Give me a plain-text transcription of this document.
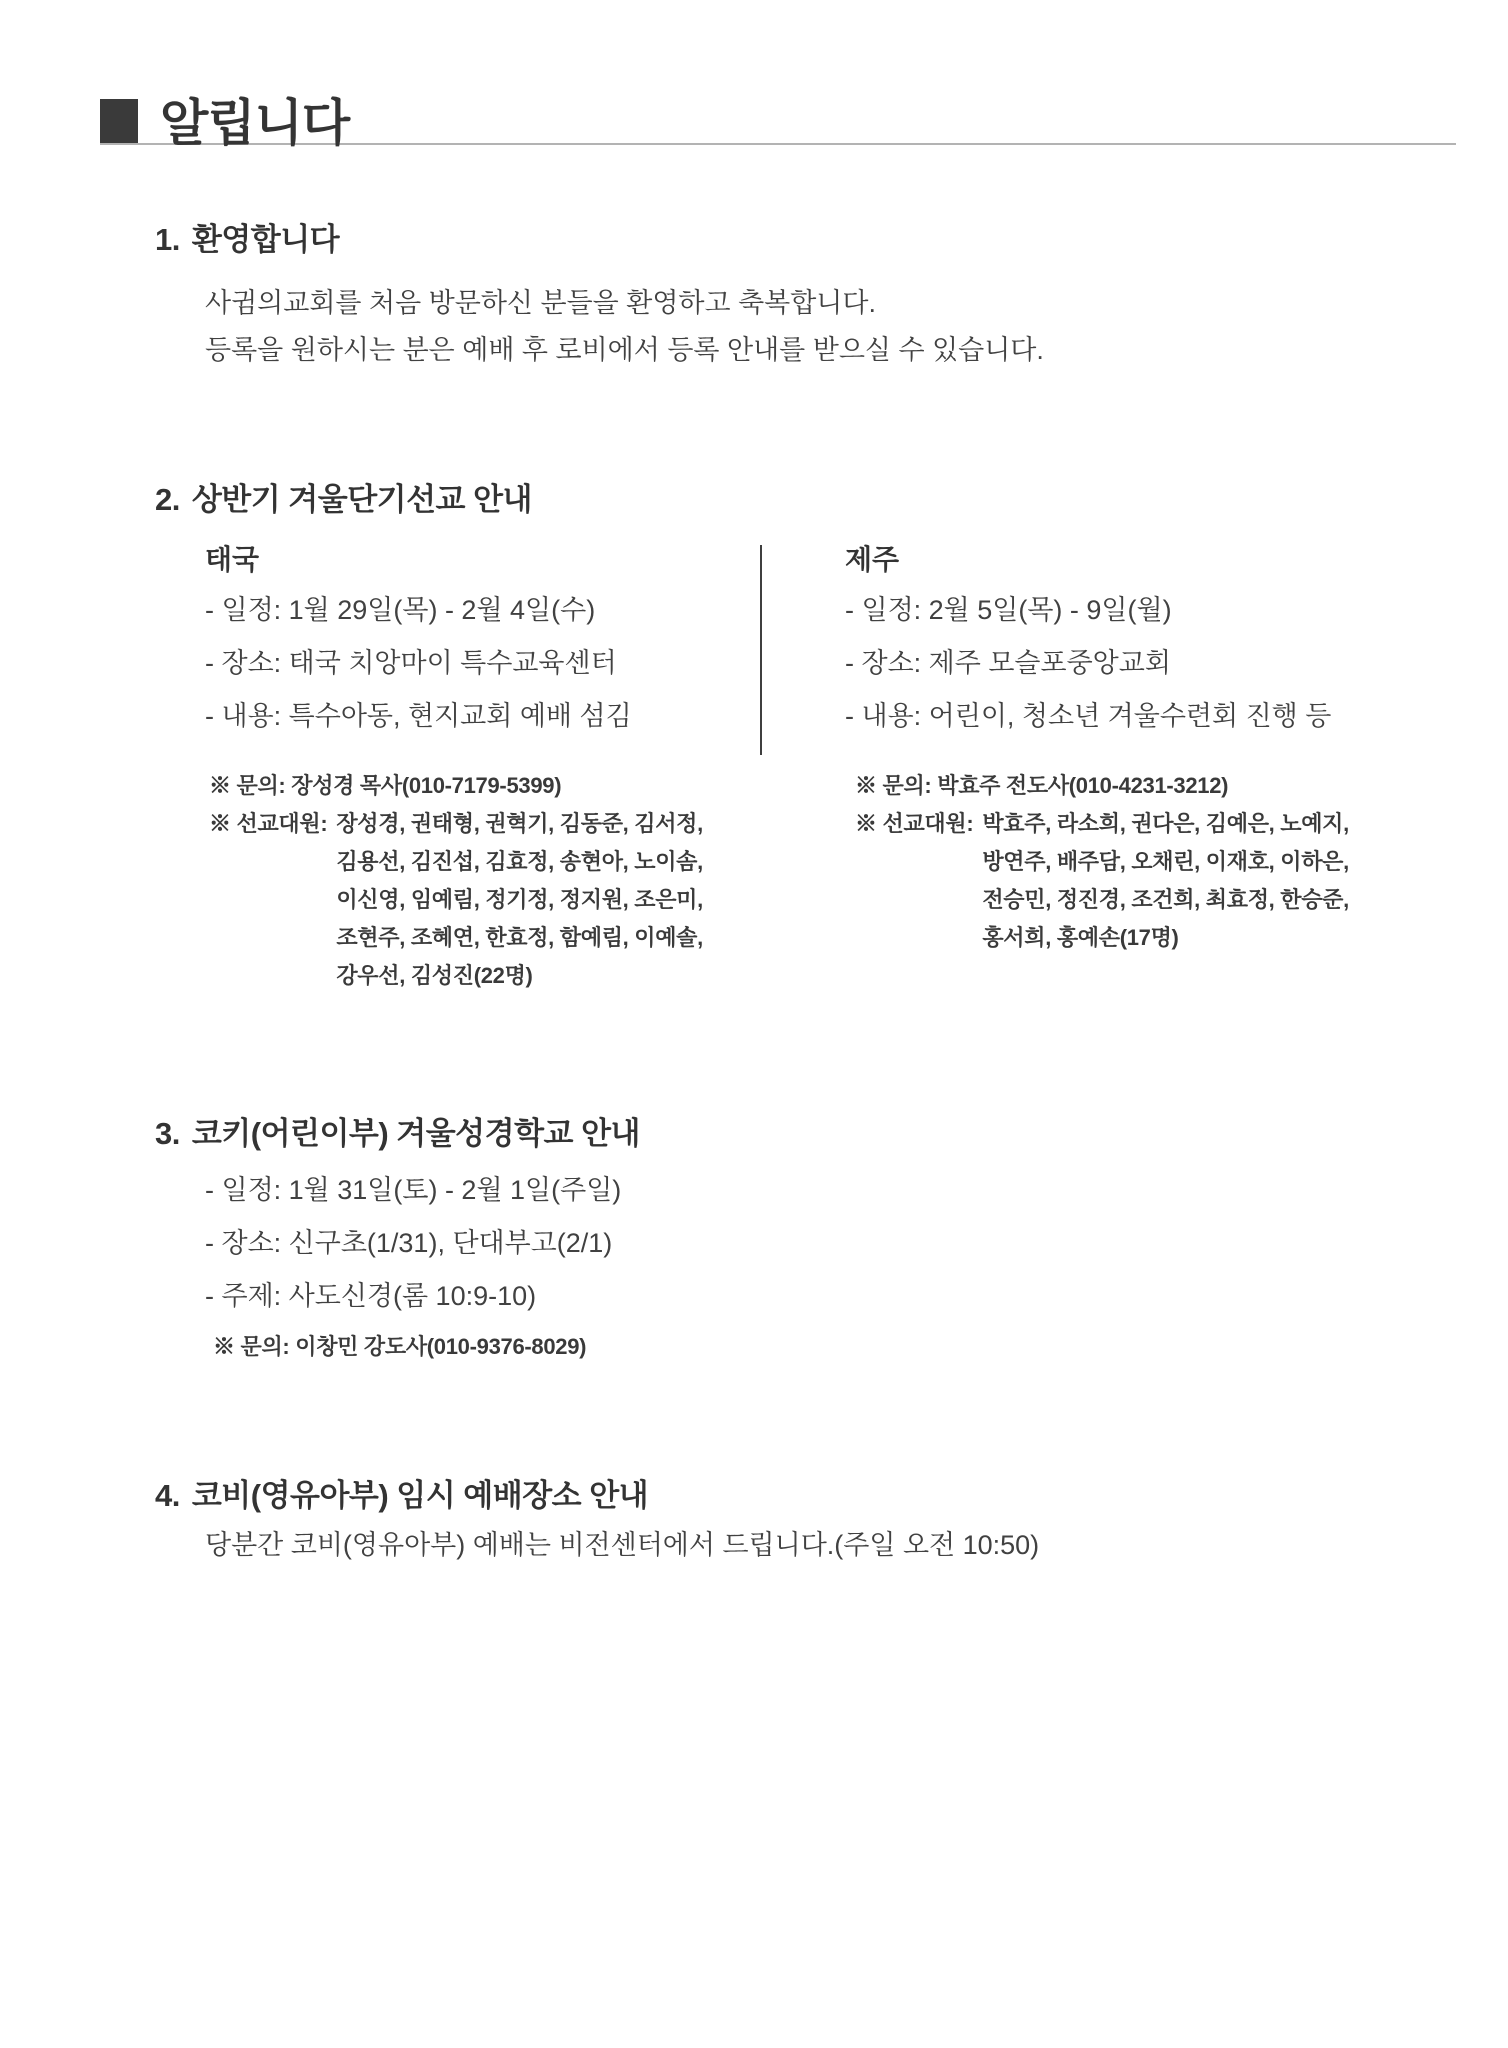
알립니다
1. 환영합니다
사귐의교회를 처음 방문하신 분들을 환영하고 축복합니다.
등록을 원하시는 분은 예배 후 로비에서 등록 안내를 받으실 수 있습니다.
2. 상반기 겨울단기선교 안내
태국
- 일정: 1월 29일(목) - 2월 4일(수)
- 장소: 태국 치앙마이 특수교육센터
- 내용: 특수아동, 현지교회 예배 섬김
※ 문의: 장성경 목사(010-7179-5399)
※ 선교대원: 장성경, 권태형, 권혁기, 김동준, 김서정,
김용선, 김진섭, 김효정, 송현아, 노이솜,
이신영, 임예림, 정기정, 정지원, 조은미,
조현주, 조혜연, 한효정, 함예림, 이예솔,
강우선, 김성진(22명)
제주
- 일정: 2월 5일(목) - 9일(월)
- 장소: 제주 모슬포중앙교회
- 내용: 어린이, 청소년 겨울수련회 진행 등
※ 문의: 박효주 전도사(010-4231-3212)
※ 선교대원: 박효주, 라소희, 권다은, 김예은, 노예지,
방연주, 배주담, 오채린, 이재호, 이하은,
전승민, 정진경, 조건희, 최효정, 한승준,
홍서희, 홍예손(17명)
3. 코키(어린이부) 겨울성경학교 안내
- 일정: 1월 31일(토) - 2월 1일(주일)
- 장소: 신구초(1/31), 단대부고(2/1)
- 주제: 사도신경(롬 10:9-10)
※ 문의: 이창민 강도사(010-9376-8029)
4. 코비(영유아부) 임시 예배장소 안내
당분간 코비(영유아부) 예배는 비전센터에서 드립니다.(주일 오전 10:50)
